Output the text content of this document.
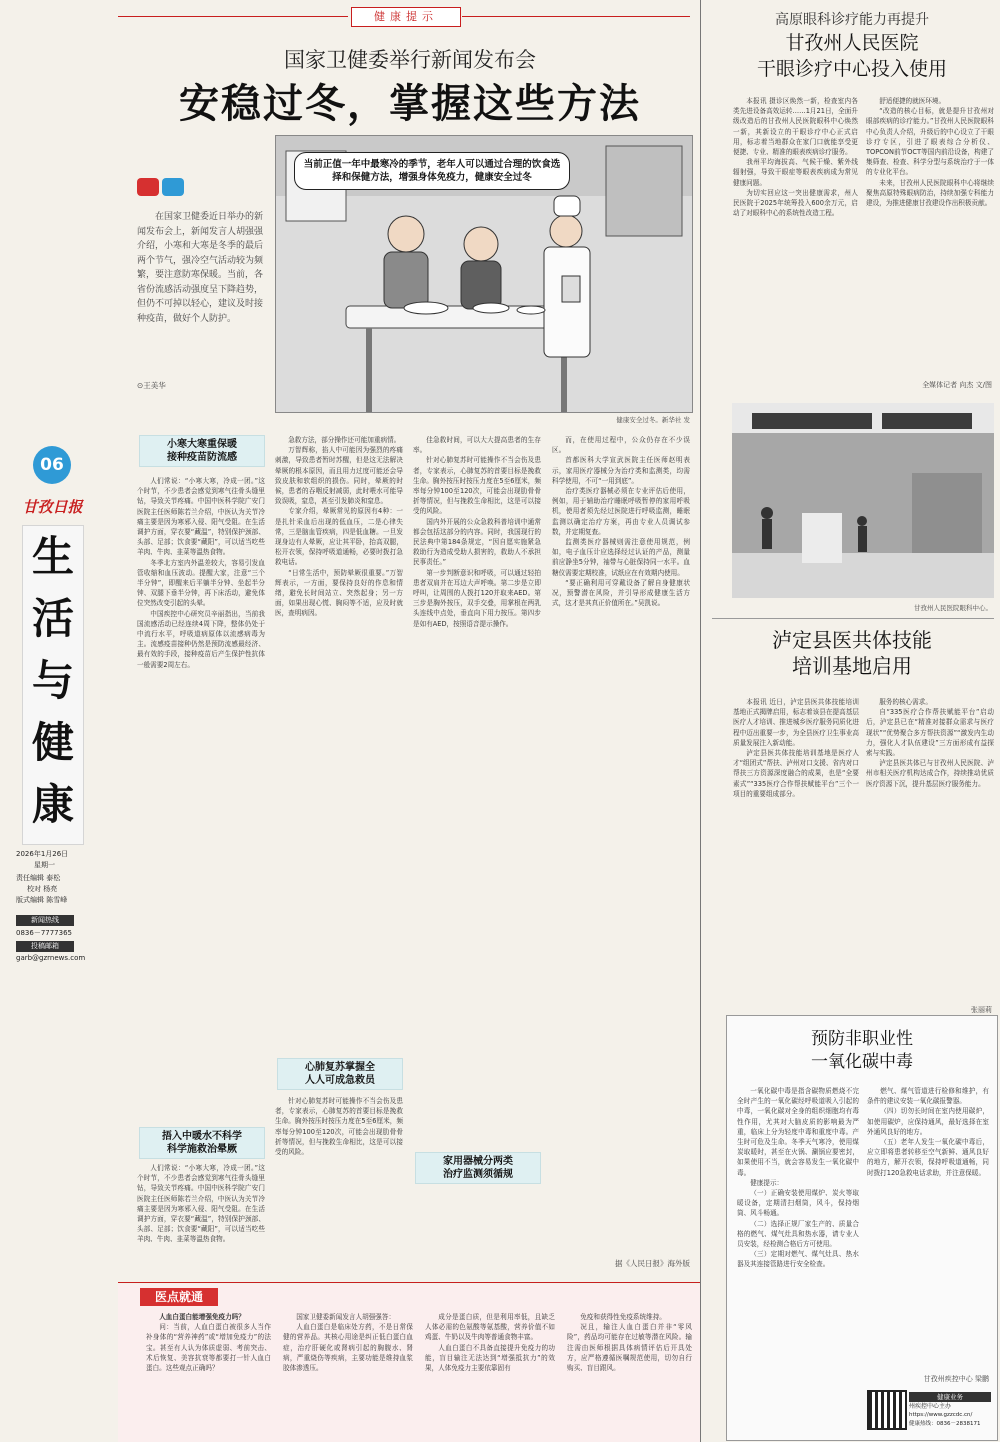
健康提示
06
甘孜日报
生
活
与
健
康
2026年1月26日
星期一
责任编辑 泰松
校对 杨亮
版式编辑 陈雪峰
新闻热线
0836－7777365
投稿邮箱
garb@gzrnews.com
国家卫健委举行新闻发布会
安稳过冬，掌握这些方法
在国家卫健委近日举办的新闻发布会上，新闻发言人胡强强介绍，小寒和大寒是冬季的最后两个节气，强冷空气活动较为频繁，要注意防寒保暖。当前，各省份流感活动强度呈下降趋势，但仍不可掉以轻心，建议及时接种疫苗，做好个人防护。
⊙王美华
当前正值一年中最寒冷的季节，老年人可以通过合理的饮食选择和保健方法，增强身体免疫力，健康安全过冬
健康安全过冬。新华社 发
小寒大寒重保暖
接种疫苗防流感

人们常说：“小寒大寒，冷成一团。”这个时节，不少患者会感觉到寒气往骨头缝里钻，导致关节疼痛。中国中医科学院广安门医院主任医师陈若兰介绍，中医认为关节冷痛主要是因为寒邪入侵、阳气受阻。在生活调护方面，穿衣要“藏温”，特别保护颈部、头部、足部；饮食要“藏阳”，可以适当吃些羊肉、牛肉、韭菜等温热食物。

冬季北方室内外温差较大，容易引发血管收缩和血压波动。提醒大家，注意“三个半分钟”，即醒来后平躺半分钟、坐起半分钟、双腿下垂半分钟，再下床活动，避免体位突然改变引起的头晕。

中国疾控中心研究员辛丽指出，当前我国流感活动已经连续4周下降，整体仍处于中流行水平，呼吸道病原体以流感病毒为主。流感疫苗接种仍然是预防流感最经济、最有效的手段，接种疫苗后产生保护性抗体一般需要2周左右。

捂入中暖水不科学
科学施救治晕厥

人们常说：“小寒大寒，冷成一团。”这个时节，不少患者会感觉到寒气往骨头缝里钻，导致关节疼痛。中国中医科学院广安门医院主任医师陈若兰介绍，中医认为关节冷痛主要是因为寒邪入侵、阳气受阻。在生活调护方面，穿衣要“藏温”，特别保护颈部、头部、足部；饮食要“藏阳”，可以适当吃些羊肉、牛肉、韭菜等温热食物。

急救方法，部分操作还可能加重病情。

万智辉称，掐人中可能因为强烈的疼痛刺激，导致患者暂时苏醒，但是这无法解决晕厥的根本原因，而且用力过度可能还会导致皮肤和软组织的损伤。同时，晕厥的时候，患者的吞咽反射减弱，此时喂水可能导致误吸，窒息，甚至引发肺炎和窒息。

专家介绍，晕厥常见的原因有4种：一是扎针采血后出现的低血压，二是心律失常，三是脑血管疾病，四是低血糖。一旦发现身边有人晕厥，应让其平卧，抬高双腿，松开衣领，保持呼吸道通畅，必要时拨打急救电话。

“日常生活中，预防晕厥很重要。”万智辉表示，一方面，要保持良好的作息和情绪，避免长时间站立、突然起身；另一方面，如果出现心慌、胸闷等不适，应及时就医，查明病因。

心肺复苏掌握全
人人可成急救员

针对心肺复苏时可能操作不当会伤及患者，专家表示，心肺复苏的首要目标是挽救生命。胸外按压时按压力度在5至6厘米，频率每分钟100至120次，可能会出现肋骨骨折等情况，但与挽救生命相比，这是可以接受的风险。

佳急救时间，可以大大提高患者的生存率。

针对心肺复苏时可能操作不当会伤及患者，专家表示，心肺复苏的首要目标是挽救生命。胸外按压时按压力度在5至6厘米，频率每分钟100至120次，可能会出现肋骨骨折等情况，但与挽救生命相比，这是可以接受的风险。

国内外开展的公众急救科普培训中通常都会包括这部分的内容。同时，我国现行的民法典中第184条规定，“因自愿实施紧急救助行为造成受助人损害的，救助人不承担民事责任。”

第一步判断意识和呼吸，可以通过轻拍患者双肩并在耳边大声呼唤。第二步是立即呼叫，让周围的人拨打120并取来AED。第三步是胸外按压，双手交叠，用掌根在两乳头连线中点处，垂直向下用力按压。第四步是如有AED，按照语音提示操作。

家用器械分两类
治疗监测须循规

而，在使用过程中，公众仍存在不少误区。

首都医科大学宣武医院主任医师赵明表示，家用医疗器械分为治疗类和监测类，均需科学使用，不可“一用到底”。

治疗类医疗器械必须在专业评估后使用，例如，用于辅助治疗睡眠呼吸暂停的家用呼吸机，使用者须先经过医院进行呼吸监测，睡眠监测以确定治疗方案，再由专业人员调试参数，并定期复查。

监测类医疗器械则需注意使用规范，例如，电子血压计应选择经过认证的产品，测量前应静坐5分钟，袖带与心脏保持同一水平。血糖仪需要定期校准，试纸应在有效期内使用。

“要正确利用可穿戴设备了解自身健康状况，预警潜在风险，并引导形成健康生活方式，这才是其真正价值所在。”吴凯说。

据《人民日报》海外版
医点就通

人血白蛋白能增强免疫力吗？

问：当前，人血白蛋白被很多人当作补身体的“营养神药”或“增加免疫力”的法宝。甚至有人认为体质虚弱、考前突击、术后恢复、美容抗衰等都要打一针人血白蛋白。这些观点正确吗？

国家卫健委新闻发言人胡强强答：

人血白蛋白是临床处方药，不是日常保健的营养品。其核心用途是纠正低白蛋白血症，治疗肝硬化或肾病引起的胸腹水、肾病，严重烧伤等疾病，主要功能是维持血浆胶体渗透压。

成分是蛋白质，但是利用率低，且缺乏人体必需的色氨酸等氨基酸，营养价值不如鸡蛋、牛奶以及牛肉等普通食物丰富。

人血白蛋白不具备直接提升免疫力的功能，盲目输注无法达到“增强抵抗力”的效果，人体免疫力主要依靠固有

免疫和获得性免疫系统维持。

况且，输注人血白蛋白并非“零风险”，药品均可能存在过敏等潜在风险。输注需由医师根据具体病情评估后开具处方，应严格遵循医嘱规范使用，切勿自行购买、盲目跟风。

高原眼科诊疗能力再提升
甘孜州人民医院
干眼诊疗中心投入使用

本报讯 摄诊区焕然一新，检查室内各类先进设备高效运转……1月21日，全面升级改造后的甘孜州人民医院眼科中心焕然一新，其新设立的干眼诊疗中心正式启用，标志着当地群众在家门口就能享受更便捷、专业、精准的眼表疾病诊疗服务。

我州平均海拔高、气候干燥、紫外线辐射强，导致干眼症等眼表疾病成为常见健康问题。

为切实回应这一突出健康需求，州人民医院于2025年统筹投入600余万元，启动了对眼科中心的系统性改造工程。

舒适便捷的就医环境。

“改造的核心目标，就是提升甘孜州对眼部疾病的诊疗能力。”甘孜州人民医院眼科中心负责人介绍，升级后的中心设立了干眼诊疗专区，引进了眼表综合分析仪、TOPCON前节OCT等国内前沿设备，构建了集筛查、检查、科学分型与系统治疗于一体的专业化平台。

未来，甘孜州人民医院眼科中心将继续聚焦高原特殊眼病防治，持续加强专科能力建设，为推进健康甘孜建设作出积极贡献。

全媒体记者 向杰 文/图
甘孜州人民医院眼科中心。
泸定县医共体技能
培训基地启用

本报讯 近日，泸定县医共体技能培训基地正式揭牌启用，标志着该县在提高基层医疗人才培训、推进城乡医疗服务同质化进程中迈出重要一步，为全县医疗卫生事业高质量发展注入新动能。

泸定县医共体技能培训基地是医疗人才“组团式”帮扶、泸州对口支援、省内对口帮扶三方资源深度融合的成果，也是“全要素式”“335医疗合作帮扶赋能平台”三个一项目的重要组成部分。

服务的核心需求。

自“335医疗合作帮扶赋能平台”启动后，泸定县已在“精准对接群众需求与医疗现状”“优势聚合多方帮扶资源”“激发内生动力，强化人才队伍建设”三方面形成有益探索与实践。

泸定县医共体已与甘孜州人民医院、泸州市相关医疗机构达成合作，持续推动优质医疗资源下沉，提升基层医疗服务能力。

张丽莉
预防非职业性
一氧化碳中毒

一氧化碳中毒是指含碳物质燃烧不完全时产生的一氧化碳经呼吸道吸入引起的中毒，一氧化碳对全身的组织细胞均有毒性作用，尤其对大脑皮质的影响最为严重，临床上分为轻度中毒和重度中毒。产生时可危及生命。冬季天气寒冷，使用煤炭取暖时，甚至在火锅、涮锅应要密封，如果使用不当，就会容易发生一氧化碳中毒。

健康提示：

（一）正确安装使用煤炉、炭火等取暖设备，定期清扫烟筒，风斗，保持烟筒、风斗畅通。

（二）选择正规厂家生产的、质量合格的燃气、煤气灶具和热水器，请专业人员安装，经检测合格后方可使用。

（三）定期对燃气、煤气灶具、热水器及其连接管路进行安全检查。

燃气、煤气管道进行检修和维护，有条件的建议安装一氧化碳报警器。

（四）切勿长时间在室内使用碳炉，如使用碳炉，应保持通风，最好选择在室外通风良好的地方。

（五）老年人发生一氧化碳中毒后，应立即将患者转移至空气新鲜、通风良好的地方，解开衣领，保持呼吸道通畅，同时拨打120急救电话求助，并注意保暖。

甘孜州疾控中心 梁鹏
健康业务
州疾控中心主办
https://www.gzzcdc.cn/
健康热线：0836－2838171
